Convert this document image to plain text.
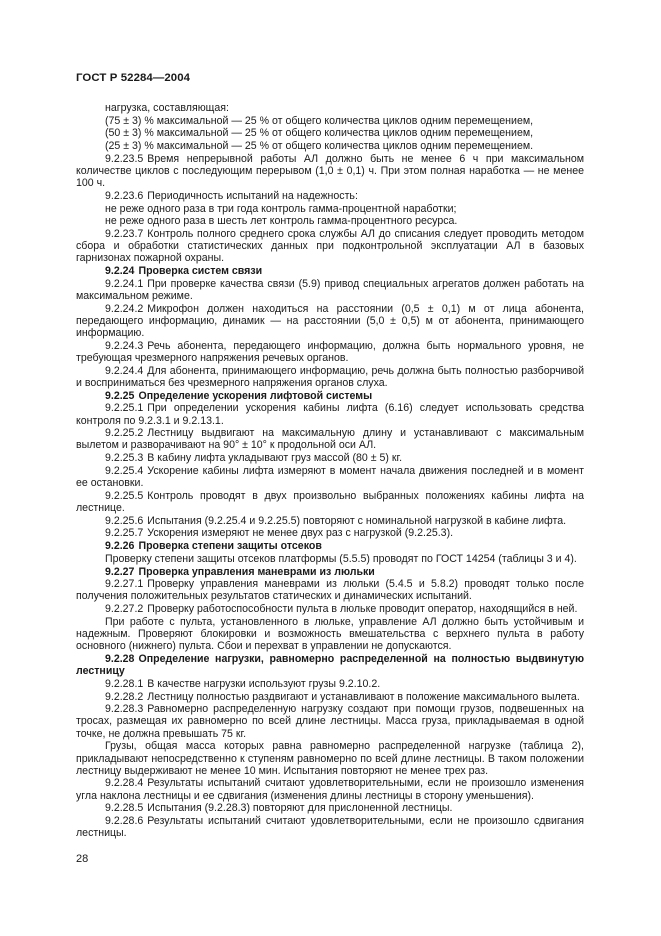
ГОСТ Р 52284—2004
нагрузка, составляющая:
(75 ± 3) % максимальной — 25 % от общего количества циклов одним перемещением,
(50 ± 3) % максимальной — 25 % от общего количества циклов одним перемещением,
(25 ± 3) % максимальной — 25 % от общего количества циклов одним перемещением.
9.2.23.5 Время непрерывной работы АЛ должно быть не менее 6 ч при максимальном количестве циклов с последующим перерывом (1,0 ± 0,1) ч. При этом полная наработка — не менее 100 ч.
9.2.23.6 Периодичность испытаний на надежность:
не реже одного раза в три года контроль гамма-процентной наработки;
не реже одного раза в шесть лет контроль гамма-процентного ресурса.
9.2.23.7 Контроль полного среднего срока службы АЛ до списания следует проводить методом сбора и обработки статистических данных при подконтрольной эксплуатации АЛ в базовых гарнизонах пожарной охраны.
9.2.24 Проверка систем связи
9.2.24.1 При проверке качества связи (5.9) привод специальных агрегатов должен работать на максимальном режиме.
9.2.24.2 Микрофон должен находиться на расстоянии (0,5 ± 0,1) м от лица абонента, передающего информацию, динамик — на расстоянии (5,0 ± 0,5) м от абонента, принимающего информацию.
9.2.24.3 Речь абонента, передающего информацию, должна быть нормального уровня, не требующая чрезмерного напряжения речевых органов.
9.2.24.4 Для абонента, принимающего информацию, речь должна быть полностью разборчивой и восприниматься без чрезмерного напряжения органов слуха.
9.2.25 Определение ускорения лифтовой системы
9.2.25.1 При определении ускорения кабины лифта (6.16) следует использовать средства контроля по 9.2.3.1 и 9.2.13.1.
9.2.25.2 Лестницу выдвигают на максимальную длину и устанавливают с максимальным вылетом и разворачивают на 90° ± 10° к продольной оси АЛ.
9.2.25.3 В кабину лифта укладывают груз массой (80 ± 5) кг.
9.2.25.4 Ускорение кабины лифта измеряют в момент начала движения последней и в момент ее остановки.
9.2.25.5 Контроль проводят в двух произвольно выбранных положениях кабины лифта на лестнице.
9.2.25.6 Испытания (9.2.25.4 и 9.2.25.5) повторяют с номинальной нагрузкой в кабине лифта.
9.2.25.7 Ускорения измеряют не менее двух раз с нагрузкой (9.2.25.3).
9.2.26 Проверка степени защиты отсеков
Проверку степени защиты отсеков платформы (5.5.5) проводят по ГОСТ 14254 (таблицы 3 и 4).
9.2.27 Проверка управления маневрами из люльки
9.2.27.1 Проверку управления маневрами из люльки (5.4.5 и 5.8.2) проводят только после получения положительных результатов статических и динамических испытаний.
9.2.27.2 Проверку работоспособности пульта в люльке проводит оператор, находящийся в ней.
При работе с пульта, установленного в люльке, управление АЛ должно быть устойчивым и надежным. Проверяют блокировки и возможность вмешательства с верхнего пульта в работу основного (нижнего) пульта. Сбои и перехват в управлении не допускаются.
9.2.28 Определение нагрузки, равномерно распределенной на полностью выдвинутую лестницу
9.2.28.1 В качестве нагрузки используют грузы 9.2.10.2.
9.2.28.2 Лестницу полностью раздвигают и устанавливают в положение максимального вылета.
9.2.28.3 Равномерно распределенную нагрузку создают при помощи грузов, подвешенных на тросах, размещая их равномерно по всей длине лестницы. Масса груза, прикладываемая в одной точке, не должна превышать 75 кг.
Грузы, общая масса которых равна равномерно распределенной нагрузке (таблица 2), прикладывают непосредственно к ступеням равномерно по всей длине лестницы. В таком положении лестницу выдерживают не менее 10 мин. Испытания повторяют не менее трех раз.
9.2.28.4 Результаты испытаний считают удовлетворительными, если не произошло изменения угла наклона лестницы и ее сдвигания (изменения длины лестницы в сторону уменьшения).
9.2.28.5 Испытания (9.2.28.3) повторяют для прислоненной лестницы.
9.2.28.6 Результаты испытаний считают удовлетворительными, если не произошло сдвигания лестницы.
28
